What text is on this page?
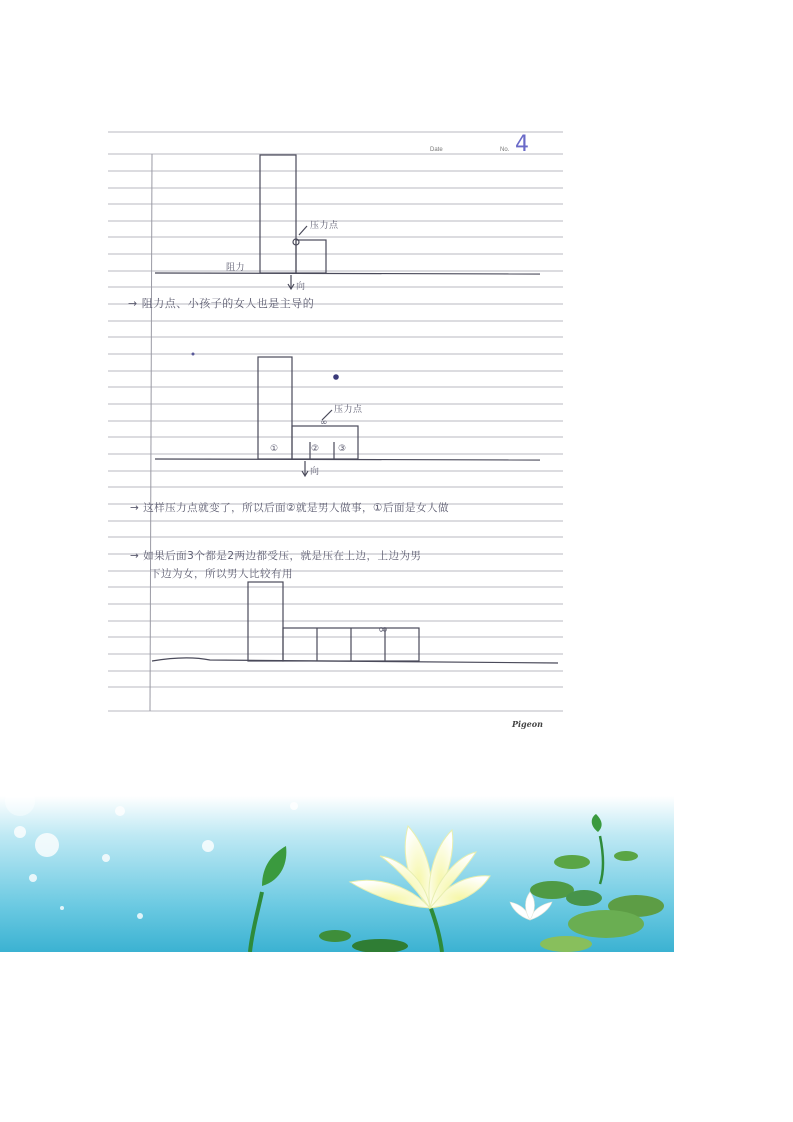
Date	No. 4
压力点
阻力
向
→ 阻力点、小孩子的女人也是主导的
压力点
∞
①	② ③
向
→ 这样压力点就变了，所以后面②就是男人做事，①后面是女人做
→ 如果后面3个都是2两边都受压，就是压在上边，上边为男
下边为女，所以男人比较有用
∞
Pigeon
